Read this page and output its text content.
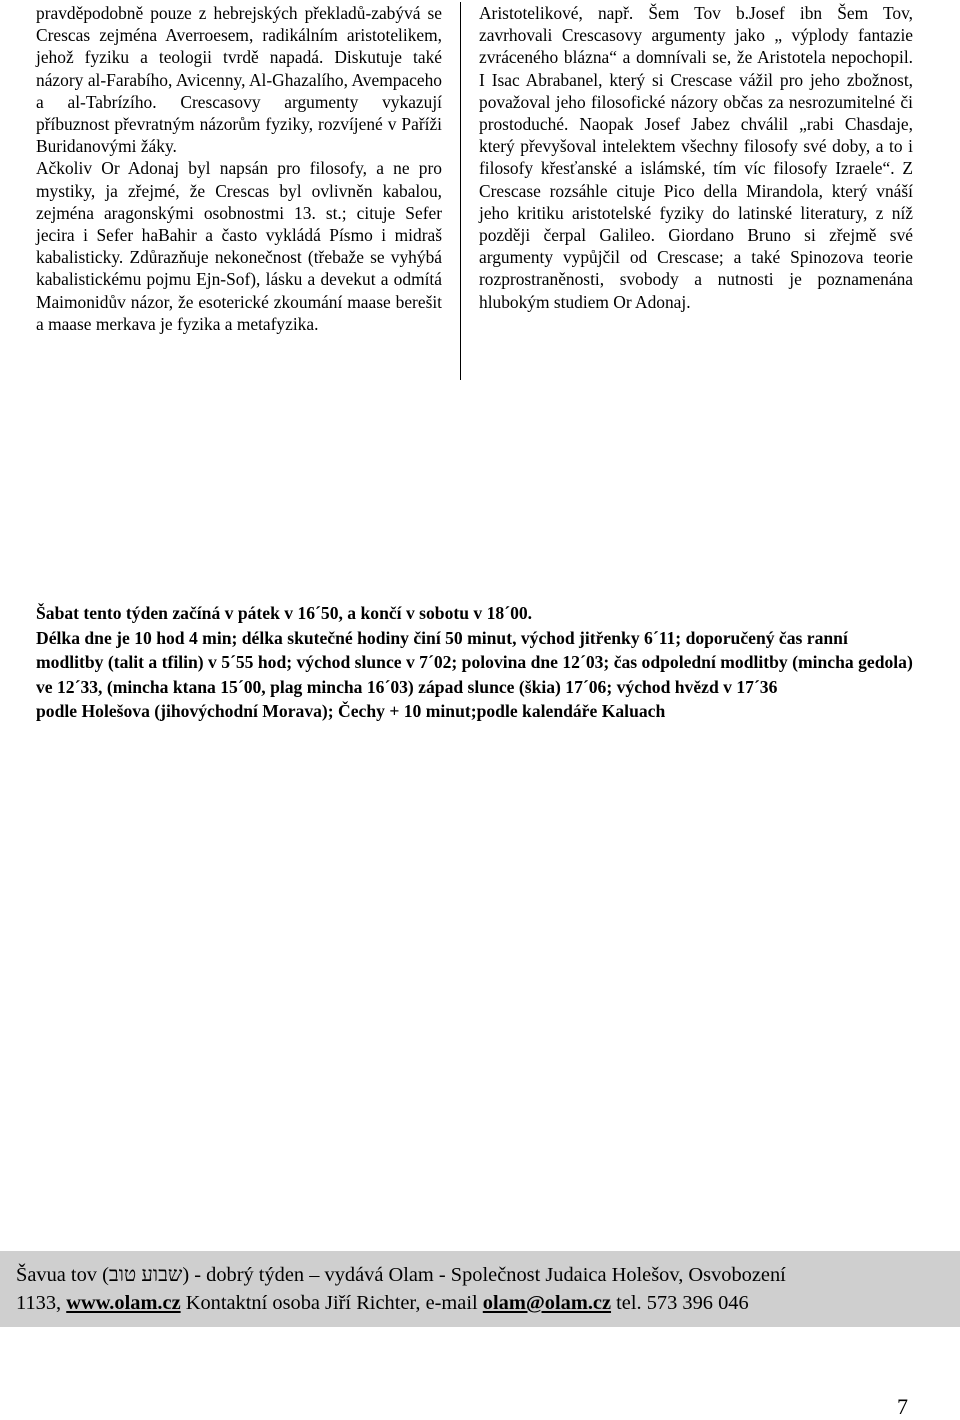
pravděpodobně pouze z hebrejských překladů-zabývá se Crescas zejména Averroesem, radikálním aristotelikem, jehož fyziku a teologii tvrdě napadá. Diskutuje také názory al-Farabího, Avicenny, Al-Ghazalího, Avempaceho a al-Tabrízího. Crescasovy argumenty vykazují příbuznost převratným názorům fyziky, rozvíjené v Paříži Buridanovými žáky.

Ačkoliv Or Adonaj byl napsán pro filosofy, a ne pro mystiky, ja zřejmé, že Crescas byl ovlivněn kabalou, zejména aragonskými osobnostmi 13. st.; cituje Sefer jecira i Sefer haBahir a často vykládá Písmo i midraš kabalisticky. Zdůrazňuje nekonečnost (třebaže se vyhýbá kabalistickému pojmu Ejn-Sof), lásku a devekut a odmítá Maimonidův názor, že esoterické zkoumání maase berešit a maase merkava je fyzika a metafyzika.

Aristotelikové, např. Šem Tov b.Josef ibn Šem Tov, zavrhovali Crescasovy argumenty jako „ výplody fantazie zvráceného blázna“ a domnívali se, že Aristotela nepochopil. I Isac Abrabanel, který si Crescase vážil pro jeho zbožnost, považoval jeho filosofické názory občas za nesrozumitelné či prostoduché. Naopak Josef Jabez chválil „rabi Chasdaje, který převyšoval intelektem všechny filosofy své doby, a to i filosofy křesťanské a islámské, tím víc filosofy Izraele“. Z Crescase rozsáhle cituje Pico della Mirandola, který vnáší jeho kritiku aristotelské fyziky do latinské literatury, z níž později čerpal Galileo. Giordano Bruno si zřejmě své argumenty vypůjčil od Crescase; a také Spinozova teorie rozprostraněnosti, svobody a nutnosti je poznamenána hlubokým studiem Or Adonaj.

Šabat tento týden začíná v pátek v 16´50, a končí v sobotu v 18´00.

Délka dne je 10 hod 4 min; délka skutečné hodiny činí 50 minut, východ jitřenky 6´11; doporučený čas ranní modlitby (talit a tfilin) v 5´55 hod; východ slunce v 7´02; polovina dne 12´03; čas odpolední modlitby (mincha gedola) ve 12´33, (mincha ktana 15´00, plag mincha 16´03) západ slunce (škia) 17´06; východ hvězd v 17´36

podle Holešova (jihovýchodní Morava); Čechy + 10 minut;podle kalendáře Kaluach

Šavua tov (שבוע טוב) - dobrý týden – vydává Olam - Společnost Judaica Holešov, Osvobození

1133, www.olam.cz Kontaktní osoba Jiří Richter, e-mail olam@olam.cz tel. 573 396 046

7
